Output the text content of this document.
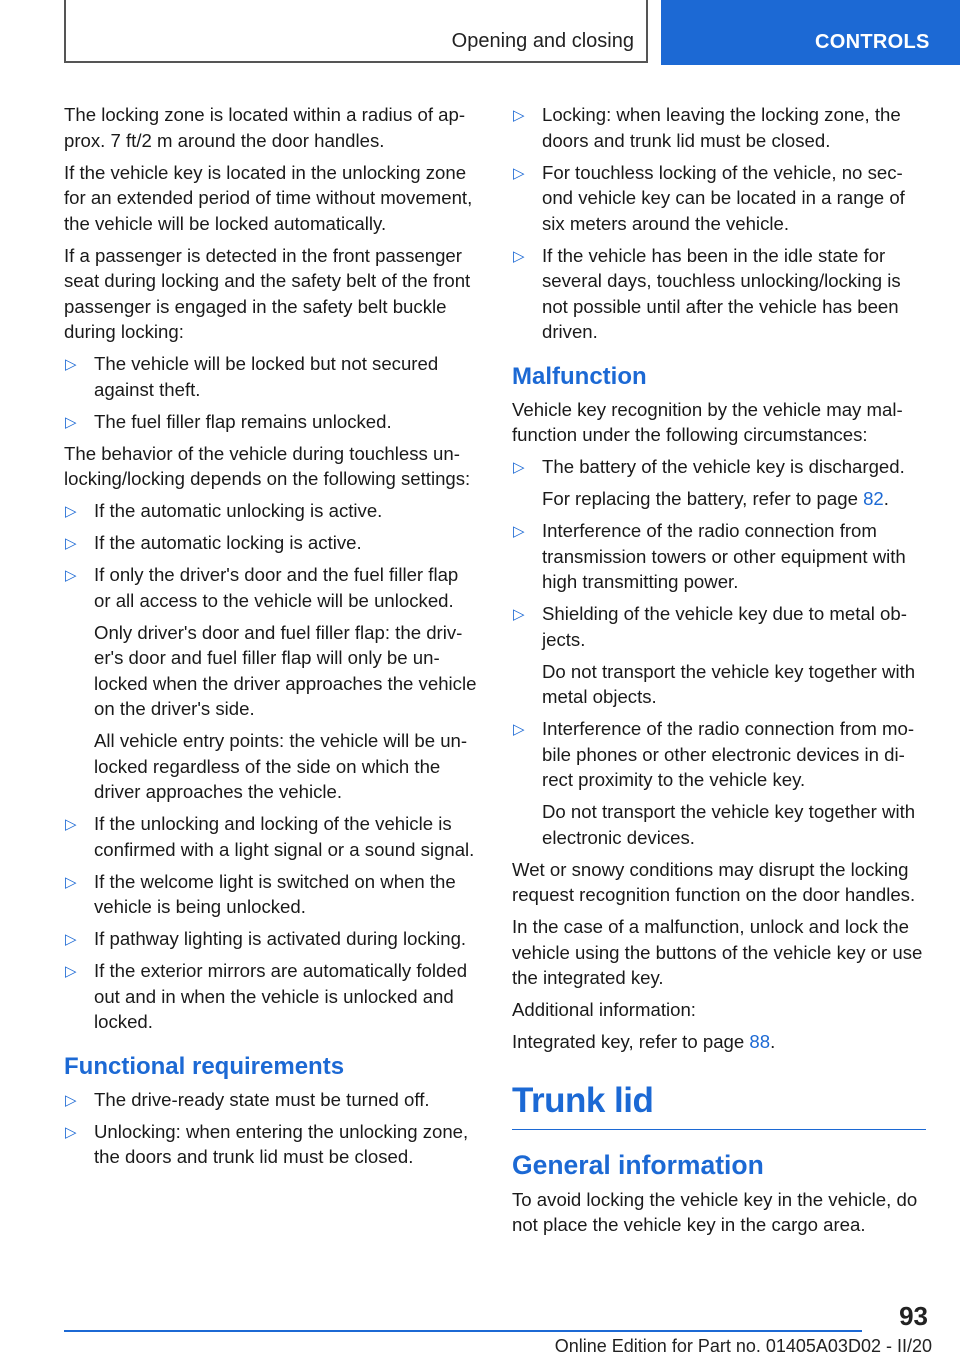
Opening and closing	CONTROLS

The locking zone is located within a radius of approx. 7 ft/2 m around the door handles.

If the vehicle key is located in the unlocking zone for an extended period of time without movement, the vehicle will be locked automatically.

If a passenger is detected in the front passenger seat during locking and the safety belt of the front passenger is engaged in the safety belt buckle during locking:

▷ The vehicle will be locked but not secured against theft.
▷ The fuel filler flap remains unlocked.

The behavior of the vehicle during touchless unlocking/locking depends on the following settings:

▷ If the automatic unlocking is active.
▷ If the automatic locking is active.
▷ If only the driver's door and the fuel filler flap or all access to the vehicle will be unlocked.
Only driver's door and fuel filler flap: the driver's door and fuel filler flap will only be unlocked when the driver approaches the vehicle on the driver's side.
All vehicle entry points: the vehicle will be unlocked regardless of the side on which the driver approaches the vehicle.
▷ If the unlocking and locking of the vehicle is confirmed with a light signal or a sound signal.
▷ If the welcome light is switched on when the vehicle is being unlocked.
▷ If pathway lighting is activated during locking.
▷ If the exterior mirrors are automatically folded out and in when the vehicle is unlocked and locked.
Functional requirements
▷ The drive-ready state must be turned off.
▷ Unlocking: when entering the unlocking zone, the doors and trunk lid must be closed.
▷ Locking: when leaving the locking zone, the doors and trunk lid must be closed.
▷ For touchless locking of the vehicle, no second vehicle key can be located in a range of six meters around the vehicle.
▷ If the vehicle has been in the idle state for several days, touchless unlocking/locking is not possible until after the vehicle has been driven.
Malfunction

Vehicle key recognition by the vehicle may malfunction under the following circumstances:

▷ The battery of the vehicle key is discharged.
For replacing the battery, refer to page 82.
▷ Interference of the radio connection from transmission towers or other equipment with high transmitting power.
▷ Shielding of the vehicle key due to metal objects.
Do not transport the vehicle key together with metal objects.
▷ Interference of the radio connection from mobile phones or other electronic devices in direct proximity to the vehicle key.
Do not transport the vehicle key together with electronic devices.

Wet or snowy conditions may disrupt the locking request recognition function on the door handles.

In the case of a malfunction, unlock and lock the vehicle using the buttons of the vehicle key or use the integrated key.

Additional information:

Integrated key, refer to page 88.

Trunk lid
General information

To avoid locking the vehicle key in the vehicle, do not place the vehicle key in the cargo area.

93
Online Edition for Part no. 01405A03D02 - II/20
